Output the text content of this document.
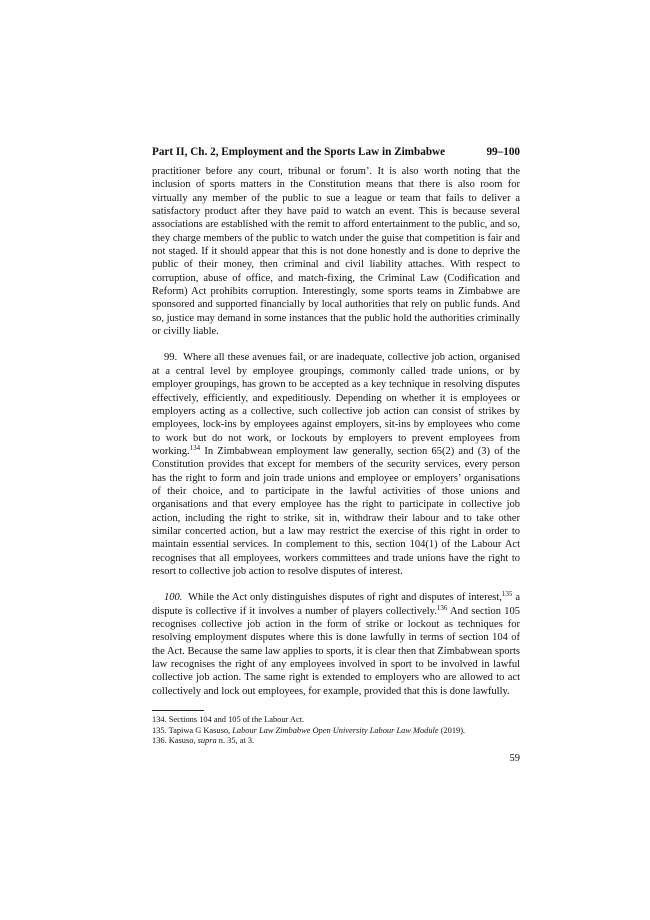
Part II, Ch. 2, Employment and the Sports Law in Zimbabwe	99–100

practitioner before any court, tribunal or forum’. It is also worth noting that the inclusion of sports matters in the Constitution means that there is also room for virtually any member of the public to sue a league or team that fails to deliver a satisfactory product after they have paid to watch an event. This is because several associations are established with the remit to afford entertainment to the public, and so, they charge members of the public to watch under the guise that competition is fair and not staged. If it should appear that this is not done honestly and is done to deprive the public of their money, then criminal and civil liability attaches. With respect to corruption, abuse of office, and match-fixing, the Criminal Law (Codification and Reform) Act prohibits corruption. Interestingly, some sports teams in Zimbabwe are sponsored and supported financially by local authorities that rely on public funds. And so, justice may demand in some instances that the public hold the authorities criminally or civilly liable.

99. Where all these avenues fail, or are inadequate, collective job action, organised at a central level by employee groupings, commonly called trade unions, or by employer groupings, has grown to be accepted as a key technique in resolving disputes effectively, efficiently, and expeditiously. Depending on whether it is employees or employers acting as a collective, such collective job action can consist of strikes by employees, lock-ins by employees against employers, sit-ins by employees who come to work but do not work, or lockouts by employers to prevent employees from working.$^{134}$ In Zimbabwean employment law generally, section 65(2) and (3) of the Constitution provides that except for members of the security services, every person has the right to form and join trade unions and employee or employers’ organisations of their choice, and to participate in the lawful activities of those unions and organisations and that every employee has the right to participate in collective job action, including the right to strike, sit in, withdraw their labour and to take other similar concerted action, but a law may restrict the exercise of this right in order to maintain essential services. In complement to this, section 104(1) of the Labour Act recognises that all employees, workers committees and trade unions have the right to resort to collective job action to resolve disputes of interest.

100. While the Act only distinguishes disputes of right and disputes of interest,$^{135}$ a dispute is collective if it involves a number of players collectively.$^{136}$ And section 105 recognises collective job action in the form of strike or lockout as techniques for resolving employment disputes where this is done lawfully in terms of section 104 of the Act. Because the same law applies to sports, it is clear then that Zimbabwean sports law recognises the right of any employees involved in sport to be involved in lawful collective job action. The same right is extended to employers who are allowed to act collectively and lock out employees, for example, provided that this is done lawfully.

134. Sections 104 and 105 of the Labour Act.
135. Tapiwa G Kasuso, Labour Law Zimbabwe Open University Labour Law Module (2019).
136. Kasuso, supra n. 35, at 3.
59
